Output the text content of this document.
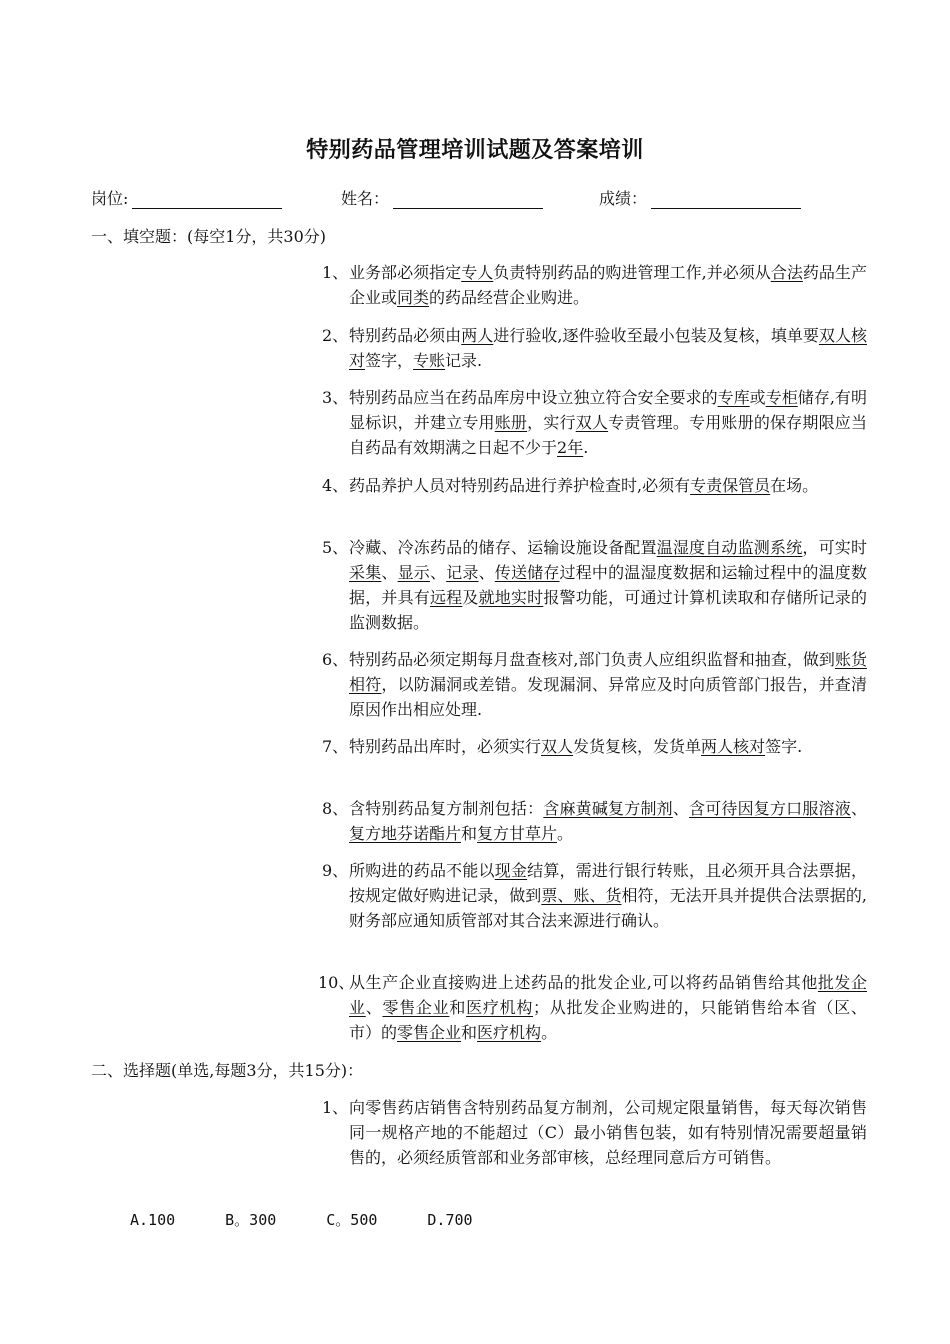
特别药品管理培训试题及答案培训
岗位:	姓名：	成绩：
一、填空题：(每空1分，共30分)
1、 业务部必须指定专人负责特别药品的购进管理工作,并必须从合法药品生产企业或同类的药品经营企业购进。
2、 特别药品必须由两人进行验收,逐件验收至最小包装及复核，填单要双人核对签字，专账记录.
3、 特别药品应当在药品库房中设立独立符合安全要求的专库或专柜储存,有明显标识，并建立专用账册，实行双人专责管理。专用账册的保存期限应当自药品有效期满之日起不少于2年.
4、 药品养护人员对特别药品进行养护检查时,必须有专责保管员在场。
5、 冷藏、冷冻药品的储存、运输设施设备配置温湿度自动监测系统，可实时采集、显示、记录、传送储存过程中的温湿度数据和运输过程中的温度数据，并具有远程及就地实时报警功能，可通过计算机读取和存储所记录的监测数据。
6、 特别药品必须定期每月盘查核对,部门负责人应组织监督和抽查，做到账货相符，以防漏洞或差错。发现漏洞、异常应及时向质管部门报告，并查清原因作出相应处理.
7、 特别药品出库时，必须实行双人发货复核，发货单两人核对签字.
8、 含特别药品复方制剂包括：含麻黄碱复方制剂、含可待因复方口服溶液、复方地芬诺酯片和复方甘草片。
9、 所购进的药品不能以现金结算，需进行银行转账，且必须开具合法票据，按规定做好购进记录，做到票、账、货相符，无法开具并提供合法票据的,财务部应通知质管部对其合法来源进行确认。
10、
从生产企业直接购进上述药品的批发企业,可以将药品销售给其他批发企业、零售企业和医疗机构；从批发企业购进的，只能销售给本省（区、市）的零售企业和医疗机构。
二、选择题(单选,每题3分，共15分)：
1、 向零售药店销售含特别药品复方制剂，公司规定限量销售，每天每次销售同一规格产地的不能超过（C）最小销售包装，如有特别情况需要超量销售的，必须经质管部和业务部审核，总经理同意后方可销售。
A.100	B。300	C。500	D.700
